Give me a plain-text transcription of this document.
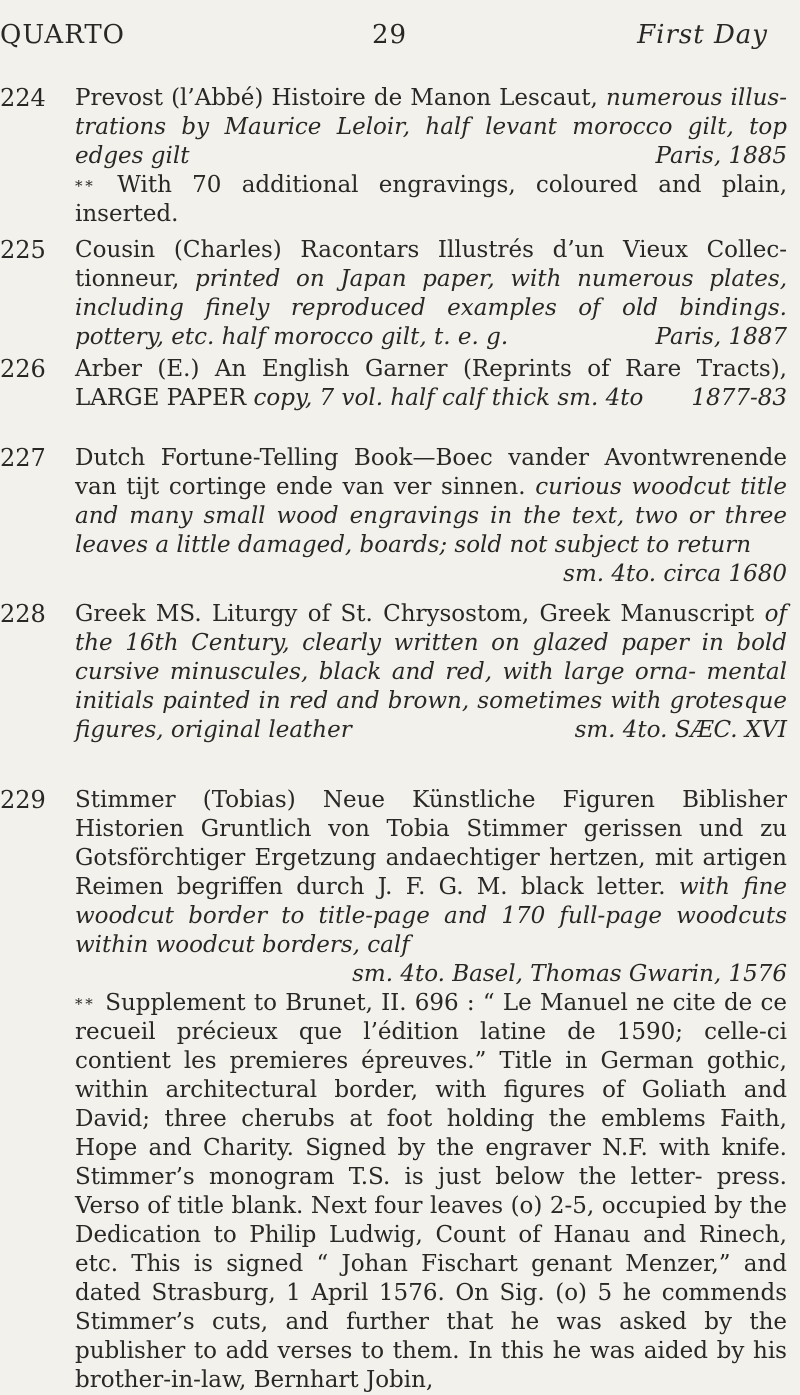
QUARTO	29	First Day
224	Prevost (l’Abbé) Histoire de Manon Lescaut, numerous illus- trations by Maurice Leloir, half levant morocco gilt, top edges gilt	Paris, 1885

* * With 70 additional engravings, coloured and plain, inserted.

225	Cousin (Charles) Racontars Illustrés d’un Vieux Collec- tionneur, printed on Japan paper, with numerous plates, including finely reproduced examples of old bindings. pottery, etc. half morocco gilt, t. e. g.	Paris, 1887

226	Arber (E.) An English Garner (Reprints of Rare Tracts), LARGE PAPER copy, 7 vol. half calf thick sm. 4to 1877-83

227	Dutch Fortune-Telling Book—Boec vander Avontwrenende van tijt cortinge ende van ver sinnen. curious woodcut title and many small wood engravings in the text, two or three leaves a little damaged, boards; sold not subject to return
sm. 4to. circa 1680

228	Greek MS. Liturgy of St. Chrysostom, Greek Manuscript of the 16th Century, clearly written on glazed paper in bold cursive minuscules, black and red, with large orna- mental initials painted in red and brown, sometimes with grotesque figures, original leather	sm. 4to. SÆC. XVI

229	Stimmer (Tobias) Neue Künstliche Figuren Biblisher Historien Gruntlich von Tobia Stimmer gerissen und zu Gotsförchtiger Ergetzung andaechtiger hertzen, mit artigen Reimen begriffen durch J. F. G. M. black letter. with fine woodcut border to title-page and 170 full-page woodcuts within woodcut borders, calf
sm. 4to. Basel, Thomas Gwarin, 1576

* * Supplement to Brunet, II. 696 : “ Le Manuel ne cite de ce recueil précieux que l’édition latine de 1590; celle-ci contient les premieres épreuves.” Title in German gothic, within architectural border, with figures of Goliath and David; three cherubs at foot holding the emblems Faith, Hope and Charity. Signed by the engraver N.F. with knife. Stimmer’s monogram T.S. is just below the letter- press. Verso of title blank. Next four leaves (o) 2-5, occupied by the Dedication to Philip Ludwig, Count of Hanau and Rinech, etc. This is signed “ Johan Fischart genant Menzer,” and dated Strasburg, 1 April 1576. On Sig. (o) 5 he commends Stimmer’s cuts, and further that he was asked by the publisher to add verses to them. In this he was aided by his brother-in-law, Bernhart Jobin,
